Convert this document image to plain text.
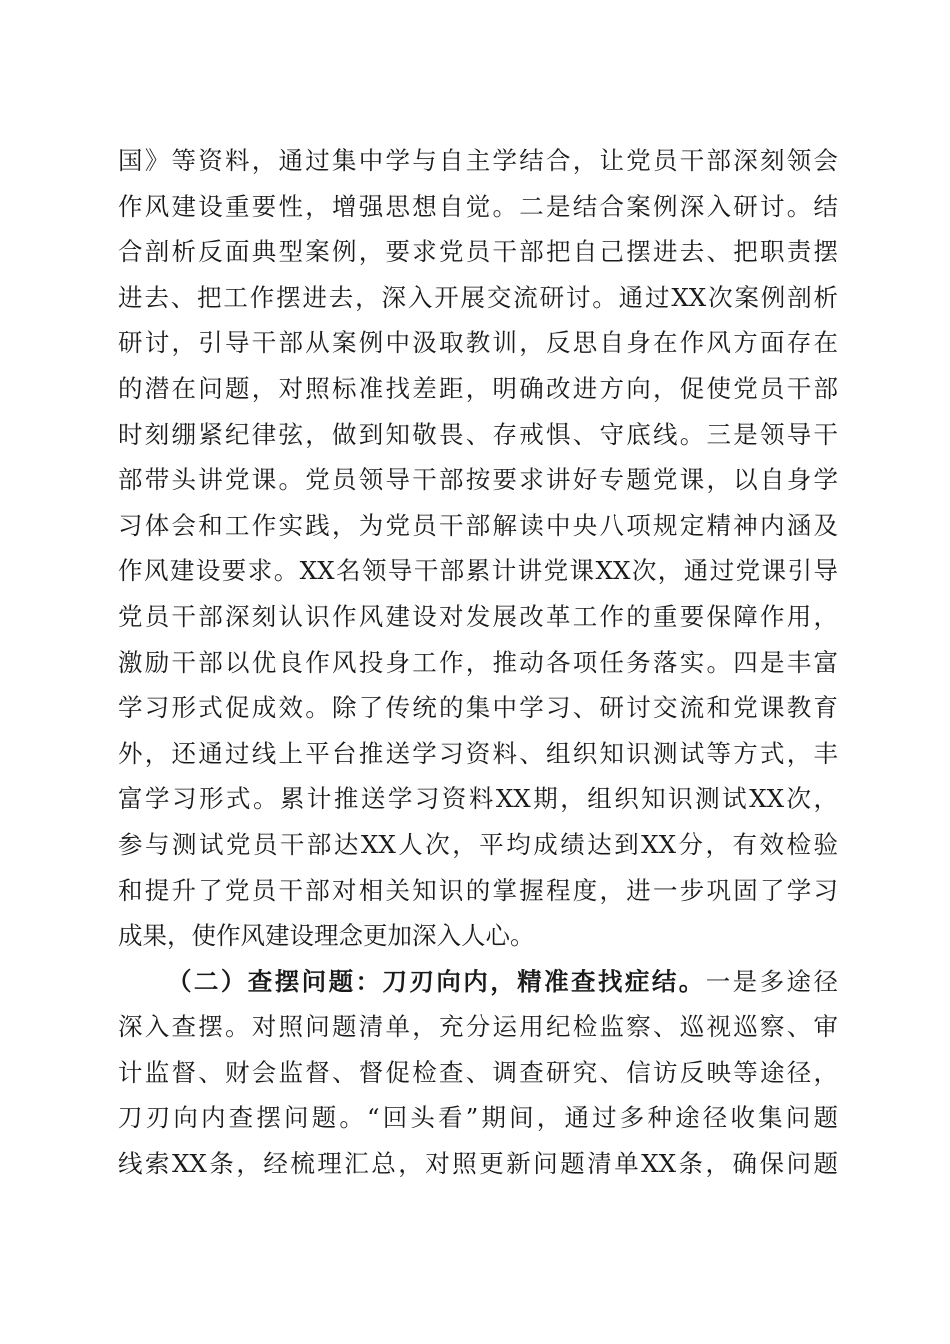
国》等资料，通过集中学与自主学结合，让党员干部深刻领会
作风建设重要性，增强思想自觉。二是结合案例深入研讨。结
合剖析反面典型案例，要求党员干部把自己摆进去、把职责摆
进去、把工作摆进去，深入开展交流研讨。通过XX次案例剖析
研讨，引导干部从案例中汲取教训，反思自身在作风方面存在
的潜在问题，对照标准找差距，明确改进方向，促使党员干部
时刻绷紧纪律弦，做到知敬畏、存戒惧、守底线。三是领导干
部带头讲党课。党员领导干部按要求讲好专题党课，以自身学
习体会和工作实践，为党员干部解读中央八项规定精神内涵及
作风建设要求。XX名领导干部累计讲党课XX次，通过党课引导
党员干部深刻认识作风建设对发展改革工作的重要保障作用，
激励干部以优良作风投身工作，推动各项任务落实。四是丰富
学习形式促成效。除了传统的集中学习、研讨交流和党课教育
外，还通过线上平台推送学习资料、组织知识测试等方式，丰
富学习形式。累计推送学习资料XX期，组织知识测试XX次，
参与测试党员干部达XX人次，平均成绩达到XX分，有效检验
和提升了党员干部对相关知识的掌握程度，进一步巩固了学习
成果，使作风建设理念更加深入人心。
（二）查摆问题：刀刃向内，精准查找症结。一是多途径
深入查摆。对照问题清单，充分运用纪检监察、巡视巡察、审
计监督、财会监督、督促检查、调查研究、信访反映等途径，
刀刃向内查摆问题。“回头看”期间，通过多种途径收集问题
线索XX条，经梳理汇总，对照更新问题清单XX条，确保问题
